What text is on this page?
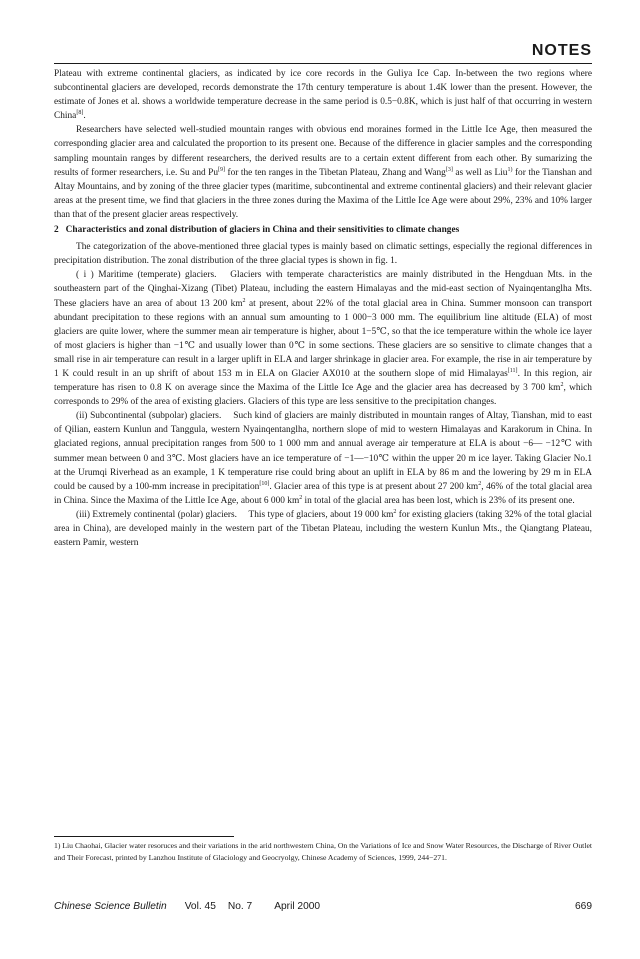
NOTES

Plateau with extreme continental glaciers, as indicated by ice core records in the Guliya Ice Cap. In-between the two regions where subcontinental glaciers are developed, records demonstrate the 17th century temperature is about 1.4K lower than the present. However, the estimate of Jones et al. shows a worldwide temperature decrease in the same period is 0.5−0.8K, which is just half of that occurring in western China[8].

Researchers have selected well-studied mountain ranges with obvious end moraines formed in the Little Ice Age, then measured the corresponding glacier area and calculated the proportion to its present one. Because of the difference in glacier samples and the corresponding sampling mountain ranges by different researchers, the derived results are to a certain extent different from each other. By sumarizing the results of former researchers, i.e. Su and Pu[9] for the ten ranges in the Tibetan Plateau, Zhang and Wang[3] as well as Liu$^{1)}$ for the Tianshan and Altay Mountains, and by zoning of the three glacier types (maritime, subcontinental and extreme continental glaciers) and their relevant glacier areas at the present time, we find that glaciers in the three zones during the Maxima of the Little Ice Age were about 29%, 23% and 10% larger than that of the present glacier areas respectively.

2  Characteristics and zonal distribution of glaciers in China and their sensitivities to climate changes

The categorization of the above-mentioned three glacial types is mainly based on climatic settings, especially the regional differences in precipitation distribution. The zonal distribution of the three glacial types is shown in fig. 1.

( i ) Maritime (temperate) glaciers.  Glaciers with temperate characteristics are mainly distributed in the Hengduan Mts. in the southeastern part of the Qinghai-Xizang (Tibet) Plateau, including the eastern Himalayas and the mid-east section of Nyainqentanglha Mts. These glaciers have an area of about 13 200 $km^2$ at present, about 22% of the total glacial area in China. Summer monsoon can transport abundant precipitation to these regions with an annual sum amounting to 1 000−3 000 mm. The equilibrium line altitude (ELA) of most glaciers are quite lower, where the summer mean air temperature is higher, about 1−5℃, so that the ice temperature within the whole ice layer of most glaciers is higher than −1℃ and usually lower than 0℃ in some sections. These glaciers are so sensitive to climate changes that a small rise in air temperature can result in a larger uplift in ELA and larger shrinkage in glacier area. For example, the rise in air temperature by 1 K could result in an up shrift of about 153 m in ELA on Glacier AX010 at the southern slope of mid Himalayas[11]. In this region, air temperature has risen to 0.8 K on average since the Maxima of the Little Ice Age and the glacier area has decreased by 3 700 $km^2$, which corresponds to 29% of the area of existing glaciers. Glaciers of this type are less sensitive to the precipitation changes.

(ii) Subcontinental (subpolar) glaciers.  Such kind of glaciers are mainly distributed in mountain ranges of Altay, Tianshan, mid to east of Qilian, eastern Kunlun and Tanggula, western Nyainqentanglha, northern slope of mid to western Himalayas and Karakorum in China. In glaciated regions, annual precipitation ranges from 500 to 1 000 mm and annual average air temperature at ELA is about −6— −12℃ with summer mean between 0 and 3℃. Most glaciers have an ice temperature of −1—−10℃ within the upper 20 m ice layer. Taking Glacier No.1 at the Urumqi Riverhead as an example, 1 K temperature rise could bring about an uplift in ELA by 86 m and the lowering by 29 m in ELA could be caused by a 100-mm increase in precipitation[10]. Glacier area of this type is at present about 27 200 $km^2$, 46% of the total glacial area in China. Since the Maxima of the Little Ice Age, about 6 000 $km^2$ in total of the glacial area has been lost, which is 23% of its present one.

(iii) Extremely continental (polar) glaciers.  This type of glaciers, about 19 000 $km^2$ for existing glaciers (taking 32% of the total glacial area in China), are developed mainly in the western part of the Tibetan Plateau, including the western Kunlun Mts., the Qiangtang Plateau, eastern Pamir, western

1) Liu Chaohai, Glacier water resoruces and their variations in the arid northwestern China, On the Variations of Ice and Snow Water Resources, the Discharge of River Outlet and Their Forecast, printed by Lanzhou Institute of Glaciology and Geocryolgy, Chinese Academy of Sciences, 1999, 244−271.

Chinese Science Bulletin Vol. 45 No. 7 April 2000	669
